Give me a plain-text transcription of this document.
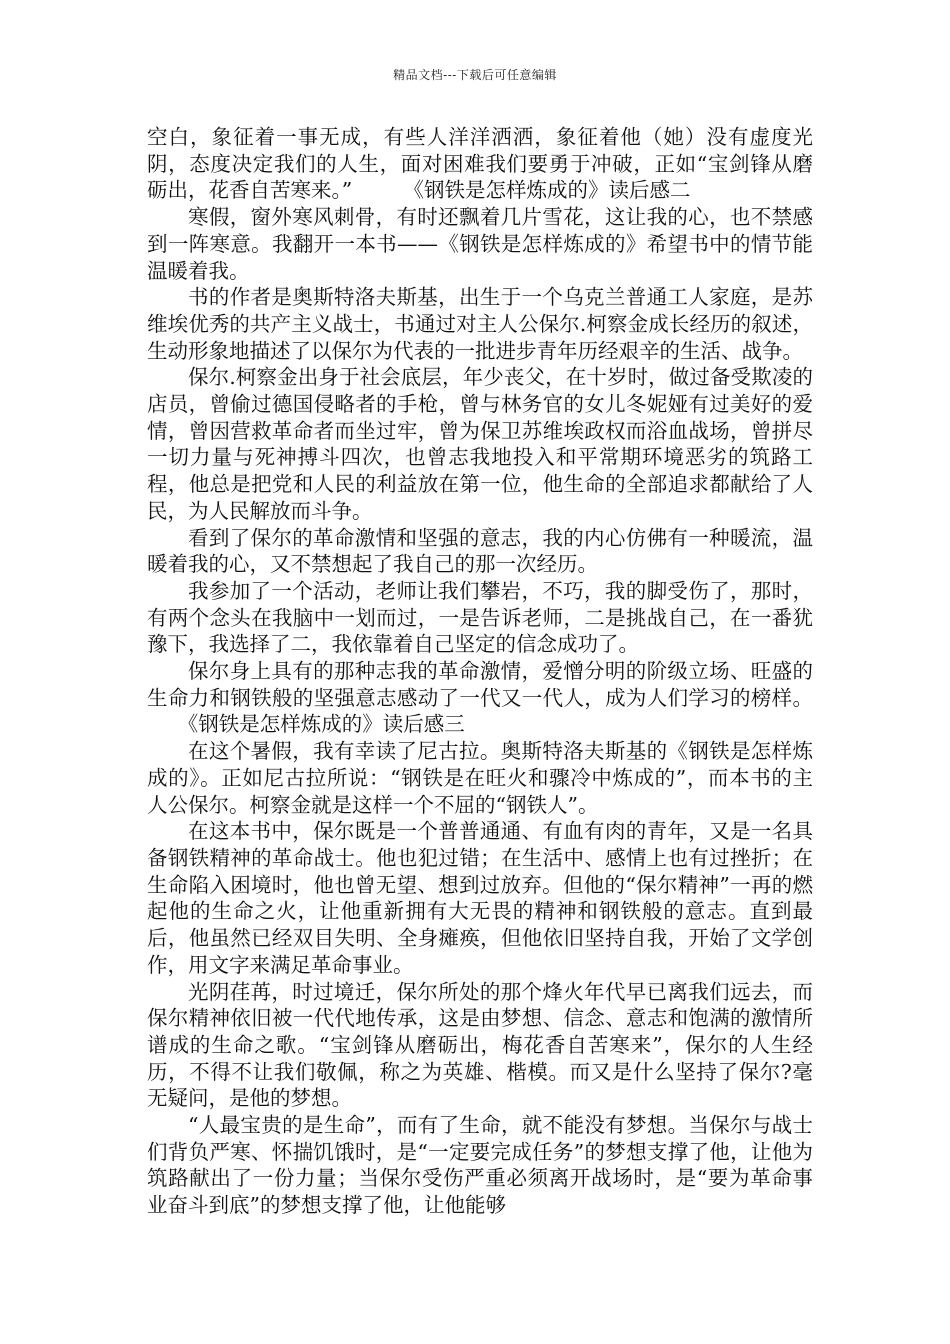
精品文档---下载后可任意编辑

空白，象征着一事无成，有些人洋洋洒洒，象征着他（她）没有虚度光阴，态度决定我们的人生，面对困难我们要勇于冲破，正如“宝剑锋从磨砺出，花香自苦寒来。”	《钢铁是怎样炼成的》读后感二

寒假，窗外寒风刺骨，有时还飘着几片雪花，这让我的心，也不禁感到一阵寒意。我翻开一本书——《钢铁是怎样炼成的》希望书中的情节能温暖着我。

书的作者是奥斯特洛夫斯基，出生于一个乌克兰普通工人家庭，是苏维埃优秀的共产主义战士，书通过对主人公保尔.柯察金成长经历的叙述，生动形象地描述了以保尔为代表的一批进步青年历经艰辛的生活、战争。

保尔.柯察金出身于社会底层，年少丧父，在十岁时，做过备受欺凌的店员，曾偷过德国侵略者的手枪，曾与林务官的女儿冬妮娅有过美好的爱情，曾因营救革命者而坐过牢，曾为保卫苏维埃政权而浴血战场，曾拼尽一切力量与死神搏斗四次，也曾志我地投入和平常期环境恶劣的筑路工程，他总是把党和人民的利益放在第一位，他生命的全部追求都献给了人民，为人民解放而斗争。

看到了保尔的革命激情和坚强的意志，我的内心仿佛有一种暖流，温暖着我的心，又不禁想起了我自己的那一次经历。

我参加了一个活动，老师让我们攀岩，不巧，我的脚受伤了，那时，有两个念头在我脑中一划而过，一是告诉老师，二是挑战自己，在一番犹豫下，我选择了二，我依靠着自己坚定的信念成功了。

保尔身上具有的那种志我的革命激情，爱憎分明的阶级立场、旺盛的生命力和钢铁般的坚强意志感动了一代又一代人，成为人们学习的榜样。《钢铁是怎样炼成的》读后感三

在这个暑假，我有幸读了尼古拉。奥斯特洛夫斯基的《钢铁是怎样炼成的》。正如尼古拉所说：“钢铁是在旺火和骤冷中炼成的”，而本书的主人公保尔。柯察金就是这样一个不屈的“钢铁人”。

在这本书中，保尔既是一个普普通通、有血有肉的青年，又是一名具备钢铁精神的革命战士。他也犯过错；在生活中、感情上也有过挫折；在生命陷入困境时，他也曾无望、想到过放弃。但他的“保尔精神”一再的燃起他的生命之火，让他重新拥有大无畏的精神和钢铁般的意志。直到最后，他虽然已经双目失明、全身瘫痪，但他依旧坚持自我，开始了文学创作，用文字来满足革命事业。

光阴荏苒，时过境迁，保尔所处的那个烽火年代早已离我们远去，而保尔精神依旧被一代代地传承，这是由梦想、信念、意志和饱满的激情所谱成的生命之歌。“宝剑锋从磨砺出，梅花香自苦寒来”，保尔的人生经历，不得不让我们敬佩，称之为英雄、楷模。而又是什么坚持了保尔?毫无疑问，是他的梦想。

“人最宝贵的是生命”，而有了生命，就不能没有梦想。当保尔与战士们背负严寒、怀揣饥饿时，是“一定要完成任务”的梦想支撑了他，让他为筑路献出了一份力量；当保尔受伤严重必须离开战场时，是“要为革命事业奋斗到底”的梦想支撑了他，让他能够
